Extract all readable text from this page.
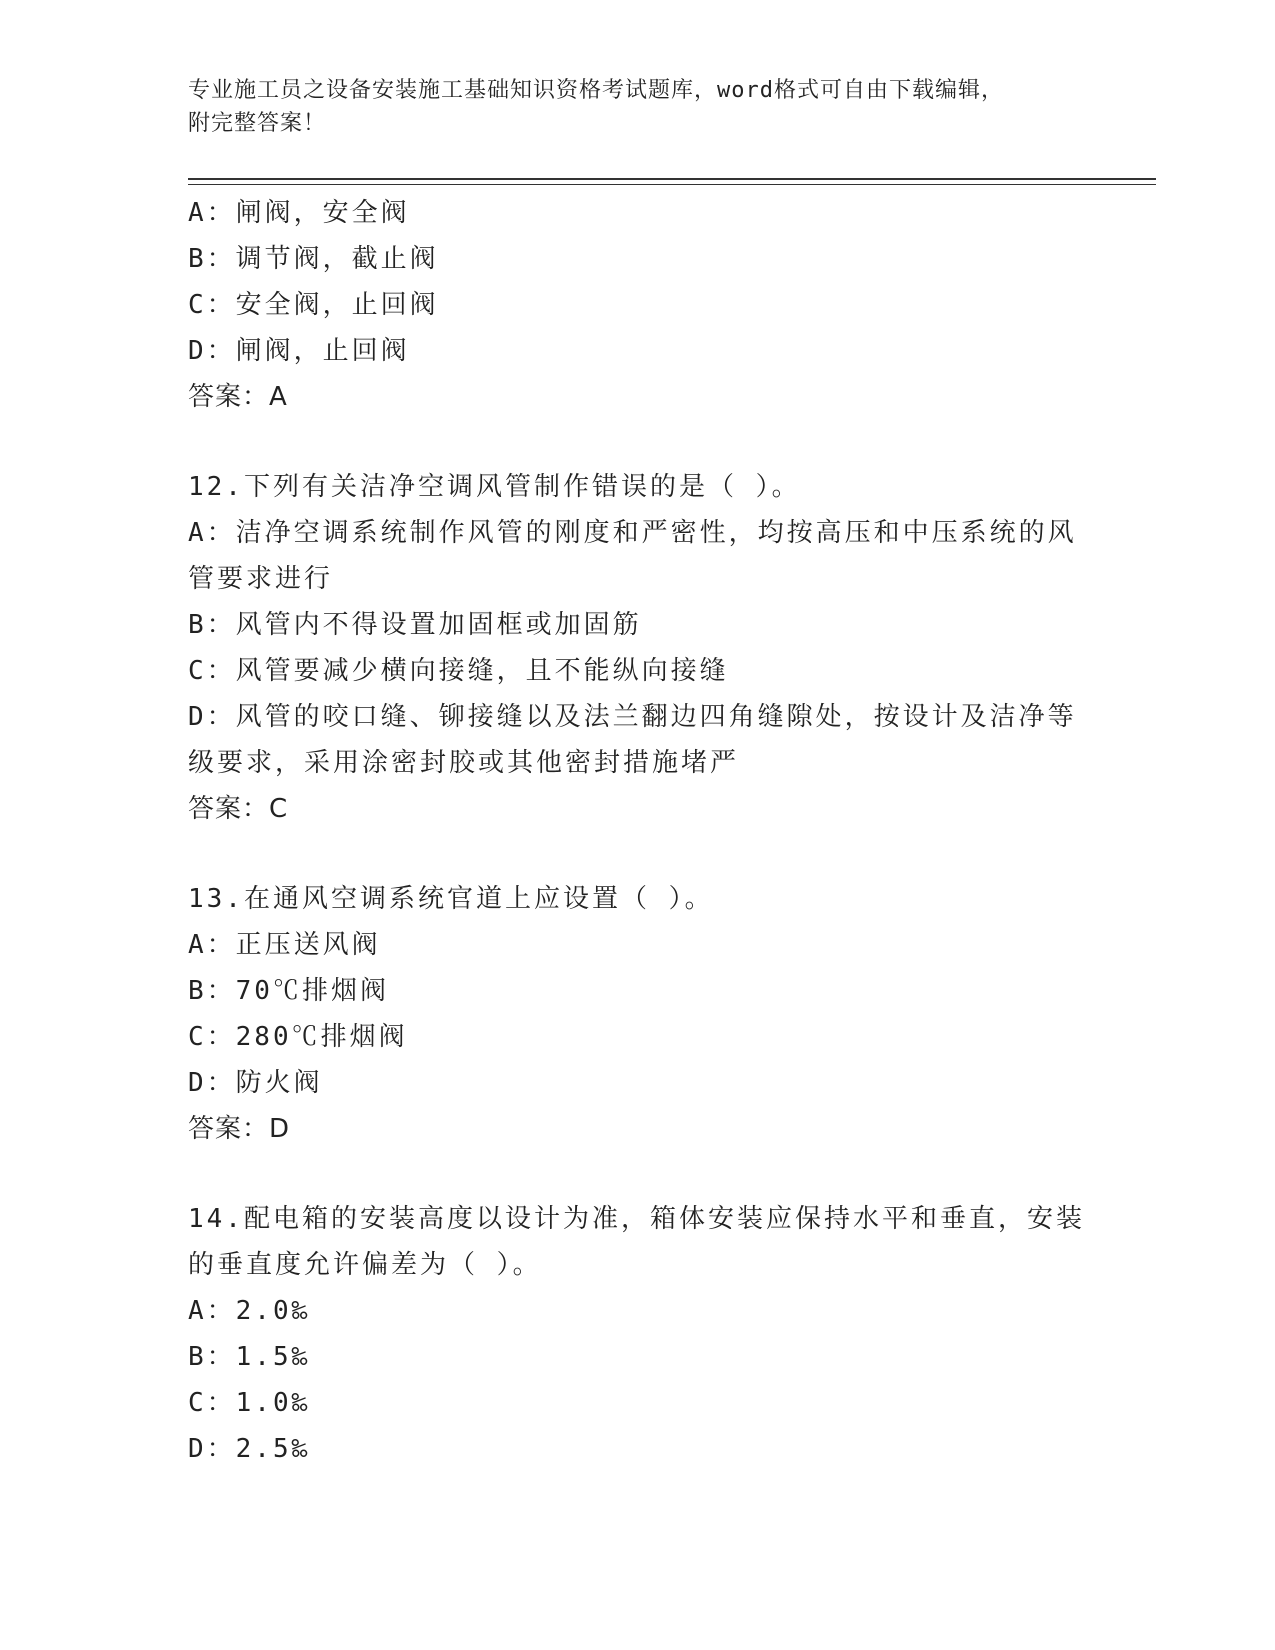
专业施工员之设备安装施工基础知识资格考试题库，word格式可自由下载编辑，
附完整答案！
A：闸阀，安全阀
B：调节阀，截止阀
C：安全阀，止回阀
D：闸阀，止回阀
答案：A
12.下列有关洁净空调风管制作错误的是（ ）。
A：洁净空调系统制作风管的刚度和严密性，均按高压和中压系统的风
管要求进行
B：风管内不得设置加固框或加固筋
C：风管要减少横向接缝，且不能纵向接缝
D：风管的咬口缝、铆接缝以及法兰翻边四角缝隙处，按设计及洁净等
级要求，采用涂密封胶或其他密封措施堵严
答案：C
13.在通风空调系统官道上应设置（ ）。
A：正压送风阀
B：70℃排烟阀
C：280℃排烟阀
D：防火阀
答案：D
14.配电箱的安装高度以设计为准，箱体安装应保持水平和垂直，安装
的垂直度允许偏差为（ ）。
A：2.0‰
B：1.5‰
C：1.0‰
D：2.5‰
